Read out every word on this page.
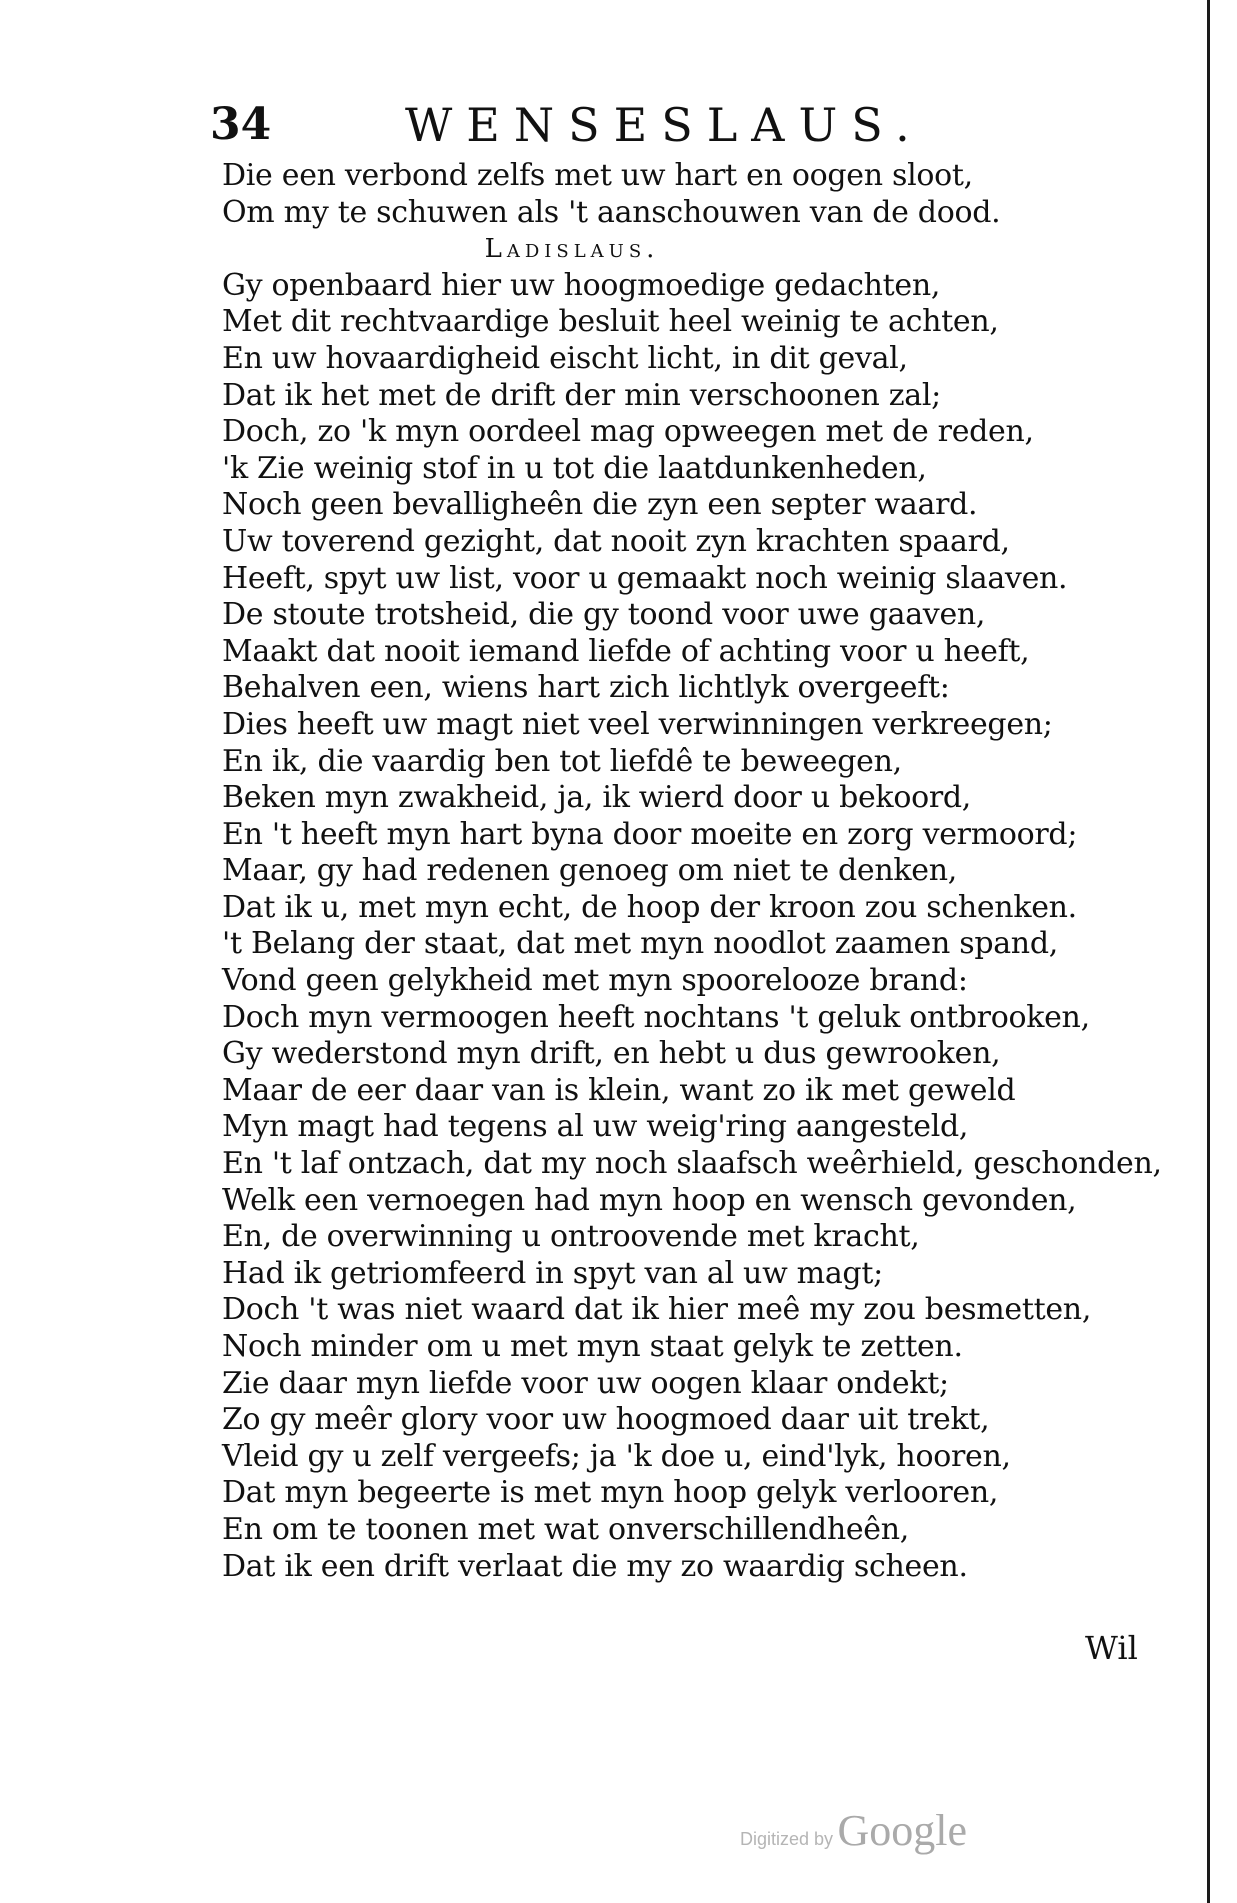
34	WENSESLAUS.
Die een verbond zelfs met uw hart en oogen sloot,
Om my te schuwen als 't aanschouwen van de dood.
Ladislaus.
Gy openbaard hier uw hoogmoedige gedachten,
Met dit rechtvaardige besluit heel weinig te achten,
En uw hovaardigheid eischt licht, in dit geval,
Dat ik het met de drift der min verschoonen zal;
Doch, zo 'k myn oordeel mag opweegen met de reden,
'k Zie weinig stof in u tot die laatdunkenheden,
Noch geen bevalligheên die zyn een septer waard.
Uw toverend gezight, dat nooit zyn krachten spaard,
Heeft, spyt uw list, voor u gemaakt noch weinig slaaven.
De stoute trotsheid, die gy toond voor uwe gaaven,
Maakt dat nooit iemand liefde of achting voor u heeft,
Behalven een, wiens hart zich lichtlyk overgeeft:
Dies heeft uw magt niet veel verwinningen verkreegen;
En ik, die vaardig ben tot liefdê te beweegen,
Beken myn zwakheid, ja, ik wierd door u bekoord,
En 't heeft myn hart byna door moeite en zorg vermoord;
Maar, gy had redenen genoeg om niet te denken,
Dat ik u, met myn echt, de hoop der kroon zou schenken.
't Belang der staat, dat met myn noodlot zaamen spand,
Vond geen gelykheid met myn spoorelooze brand:
Doch myn vermoogen heeft nochtans 't geluk ontbrooken,
Gy wederstond myn drift, en hebt u dus gewrooken,
Maar de eer daar van is klein, want zo ik met geweld
Myn magt had tegens al uw weig'ring aangesteld,
En 't laf ontzach, dat my noch slaafsch weêrhield, geschonden,
Welk een vernoegen had myn hoop en wensch gevonden,
En, de overwinning u ontroovende met kracht,
Had ik getriomfeerd in spyt van al uw magt;
Doch 't was niet waard dat ik hier meê my zou besmetten,
Noch minder om u met myn staat gelyk te zetten.
Zie daar myn liefde voor uw oogen klaar ondekt;
Zo gy meêr glory voor uw hoogmoed daar uit trekt,
Vleid gy u zelf vergeefs; ja 'k doe u, eind'lyk, hooren,
Dat myn begeerte is met myn hoop gelyk verlooren,
En om te toonen met wat onverschillendheên,
Dat ik een drift verlaat die my zo waardig scheen.
Wil
Digitized by Google
